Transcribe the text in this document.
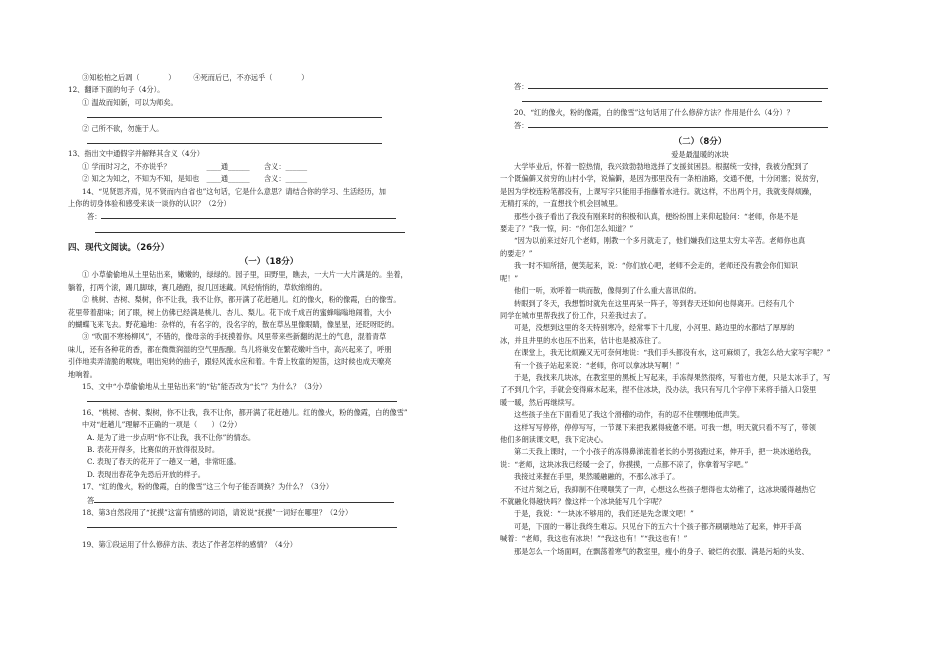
③知松柏之后凋（　　　　）　　　④死而后已，不亦远乎（　　　　）
12、翻译下面的句子（4分）。
① 温故而知新，可以为师矣。
② 己所不欲，勿施于人。
13、指出文中通假字并解释其含义（4分）
① 学而时习之，不亦说乎？　　　　　____通______　　含义：______
② 知之为知之，不知为不知，是知也　____通______　　含义：______
14、“见贤思齐焉，见不贤而内自省也”这句话，它是什么意思？请结合你的学习、生活经历，加
上你的切身体验和感受来谈一谈你的认识？（2分）
答：
四、现代文阅读。（26分）
（一）（18分）
① 小草偷偷地从土里钻出来，嫩嫩的，绿绿的。园子里，田野里，瞧去，一大片一大片满是的。坐着，
躺着，打两个滚，踢几脚球，赛几趟跑，捉几回迷藏。风轻悄悄的，草软绵绵的。
② 桃树、杏树、梨树，你不让我，我不让你，都开满了花赶趟儿。红的像火，粉的像霞，白的像雪。
花里带着甜味；闭了眼，树上仿佛已经满是桃儿、杏儿、梨儿。花下成千成百的蜜蜂嗡嗡地闹着，大小
的蝴蝶飞来飞去。野花遍地：杂样的，有名字的，没名字的，散在草丛里像眼睛，像星星，还眨呀眨的。
③ “吹面不寒杨柳风”，不错的，像母亲的手抚摸着你。风里带来些新翻的泥土的气息，混着青草
味儿，还有各种花的香，都在微微润湿的空气里酝酿。鸟儿将巢安在繁花嫩叶当中，高兴起来了，呼朋
引伴地卖弄清脆的喉咙，唱出宛转的曲子，跟轻风流水应和着。牛背上牧童的短笛，这时候也成天嘹亮
地响着。
15、文中“小草偷偷地从土里钻出来”的“钻”能否改为“长”？为什么？（3分）
16、“桃树、杏树、梨树，你不让我，我不让你，都开满了花赶趟儿。红的像火，粉的像霞，白的像雪”
中对“赶趟儿”理解不正确的一项是（　　）（2分）
A. 是为了进一步点明“你不让我，我不让你”的情态。
B. 表花开得多，比赛似的开放得很及时。
C. 表现了春天的花开了一趟又一趟，非常旺盛。
D. 表现出春花争先恐后开放的样子。
17、“红的像火，粉的像霞，白的像雪”这三个句子能否调换？为什么？（3分）
答
18、第3自然段用了“抚摸”这富有情感的词语，请说说“抚摸”一词好在哪里？（2分）
19、第①段运用了什么修辞方法、表达了作者怎样的感情？（4分）
答：
20、“红的像火，粉的像霞，白的像雪”这句话用了什么修辞方法？作用是什么（4分）？
答：
（二）（8分）
爱是最温暖的冰块
大学毕业后，怀着一腔热情，我兴致勃勃地选择了支援贫困县。根据统一安排，我被分配到了
一个既偏僻又贫穷的山村小学，说偏僻，是因为那里没有一条柏油路，交通不便，十分闭塞；说贫穷，
是因为学校连粉笔都没有，上课写字只能用手指蘸着水进行。就这样，不出两个月，我就变得烦躁，
无精打采的，一直想找个机会回城里。
那些小孩子看出了我没有刚来时的积极和认真，便纷纷围上来仰起脸问：“老师，你是不是
要走了？”我一惊，问：“你们怎么知道？”
“因为以前来过好几个老师，刚教一个多月就走了，他们嫌我们这里太穷太辛苦。老师你也真
的要走？”
我一时不知所措，便笑起来，说：“你们放心吧，老师不会走的，老师还没有教会你们知识
呢！”
他们一听，欢呼着一哄而散，像得到了什么重大喜讯似的。
转眼到了冬天，我想暂时就先在这里再呆一阵子，等到春天还如何也得离开。已经有几个
同学在城市里帮我找了份工作，只差我过去了。
可是，没想到这里的冬天特别寒冷，经常零下十几度，小河里、路边里的水都结了厚厚的
冰，并且井里的水也压不出来，估计也是被冻住了。
在课堂上，我无比烦躁又无可奈何地说：“我们手头都没有水，这可麻烦了，我怎么给大家写字呢？”
有一个孩子站起来说：“老师，你可以拿冰块写啊！”
于是，我找来几块冰，在教室里的黑板上写起来，手冻得果然很疼，写着也方便，只是太冰手了，写
了不到几个字，手就会变得麻木起来，捏不住冰块，没办法，我只有写几个字停下来将手插入口袋里
暖一暖，然后再继续写。
这些孩子坐在下面看见了我这个滑稽的动作，有的忍不住嘿嘿地低声笑。
这样写写停停，停停写写，一节课下来把我累得疲惫不堪。可我一想，明天就只看不写了，带领
他们多朗读课文吧，我下定决心。
第二天我上课时，一个小孩子的冻得鼻涕流着老长的小男孩跑过来，伸开手，把一块冰递给我，
说：“老师，这块冰我已经暖一会了，你摸摸，一点都不凉了，你拿着写字吧。”
我接过来握在手里，果然暖融融的，不那么冰手了。
不过片刻之后，我抑制不住噗嗤笑了一声，心想这么些孩子想得也太幼稚了，这冰块暖得越热它
不就融化得越快吗？像这样一个冰块能写几个字呢？
于是，我说：“一块冰不够用的，我们还是先念课文吧！”
可是，下面的一幕让我终生难忘。只见台下的五六十个孩子都齐刷刷地站了起来，伸开手高
喊着：“老师，我这也有冰块！”“我这也有！”“我这也有！”
那是怎么一个场面呵，在飘荡着寒气的教室里，瘦小的身子、破烂的衣服、满是污垢的头发、
